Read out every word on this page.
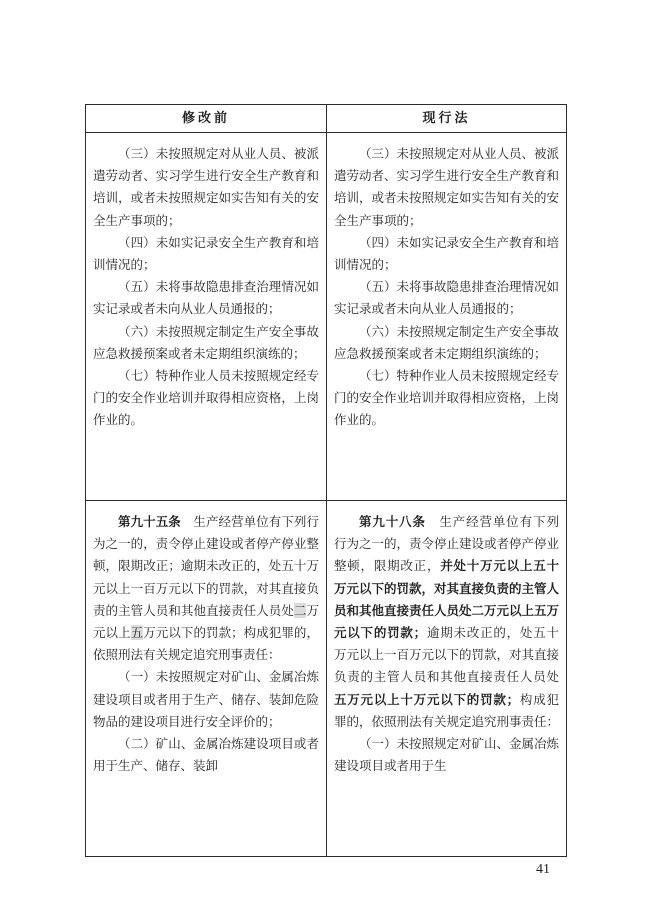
修改前	现行法

（三）未按照规定对从业人员、被派遣劳动者、实习学生进行安全生产教育和培训，或者未按照规定如实告知有关的安全生产事项的；

（四）未如实记录安全生产教育和培训情况的；

（五）未将事故隐患排查治理情况如实记录或者未向从业人员通报的；

（六）未按照规定制定生产安全事故应急救援预案或者未定期组织演练的；

（七）特种作业人员未按照规定经专门的安全作业培训并取得相应资格，上岗作业的。

（三）未按照规定对从业人员、被派遣劳动者、实习学生进行安全生产教育和培训，或者未按照规定如实告知有关的安全生产事项的；

（四）未如实记录安全生产教育和培训情况的；

（五）未将事故隐患排查治理情况如实记录或者未向从业人员通报的；

（六）未按照规定制定生产安全事故应急救援预案或者未定期组织演练的；

（七）特种作业人员未按照规定经专门的安全作业培训并取得相应资格，上岗作业的。

第九十五条　 生产经营单位有下列行为之一的，责令停止建设或者停产停业整顿，限期改正；逾期未改正的，处五十万元以上一百万元以下的罚款，对其直接负责的主管人员和其他直接责任人员处二万元以上五万元以下的罚款；构成犯罪的，依照刑法有关规定追究刑事责任：

（一）未按照规定对矿山、金属冶炼建设项目或者用于生产、储存、装卸危险物品的建设项目进行安全评价的；

（二）矿山、金属冶炼建设项目或者用于生产、储存、装卸

第九十八条　 生产经营单位有下列行为之一的，责令停止建设或者停产停业整顿，限期改正，并处十万元以上五十万元以下的罚款，对其直接负责的主管人员和其他直接责任人员处二万元以上五万元以下的罚款；逾期未改正的，处五十万元以上一百万元以下的罚款，对其直接负责的主管人员和其他直接责任人员处五万元以上十万元以下的罚款；构成犯罪的，依照刑法有关规定追究刑事责任：

（一）未按照规定对矿山、金属冶炼建设项目或者用于生

41
